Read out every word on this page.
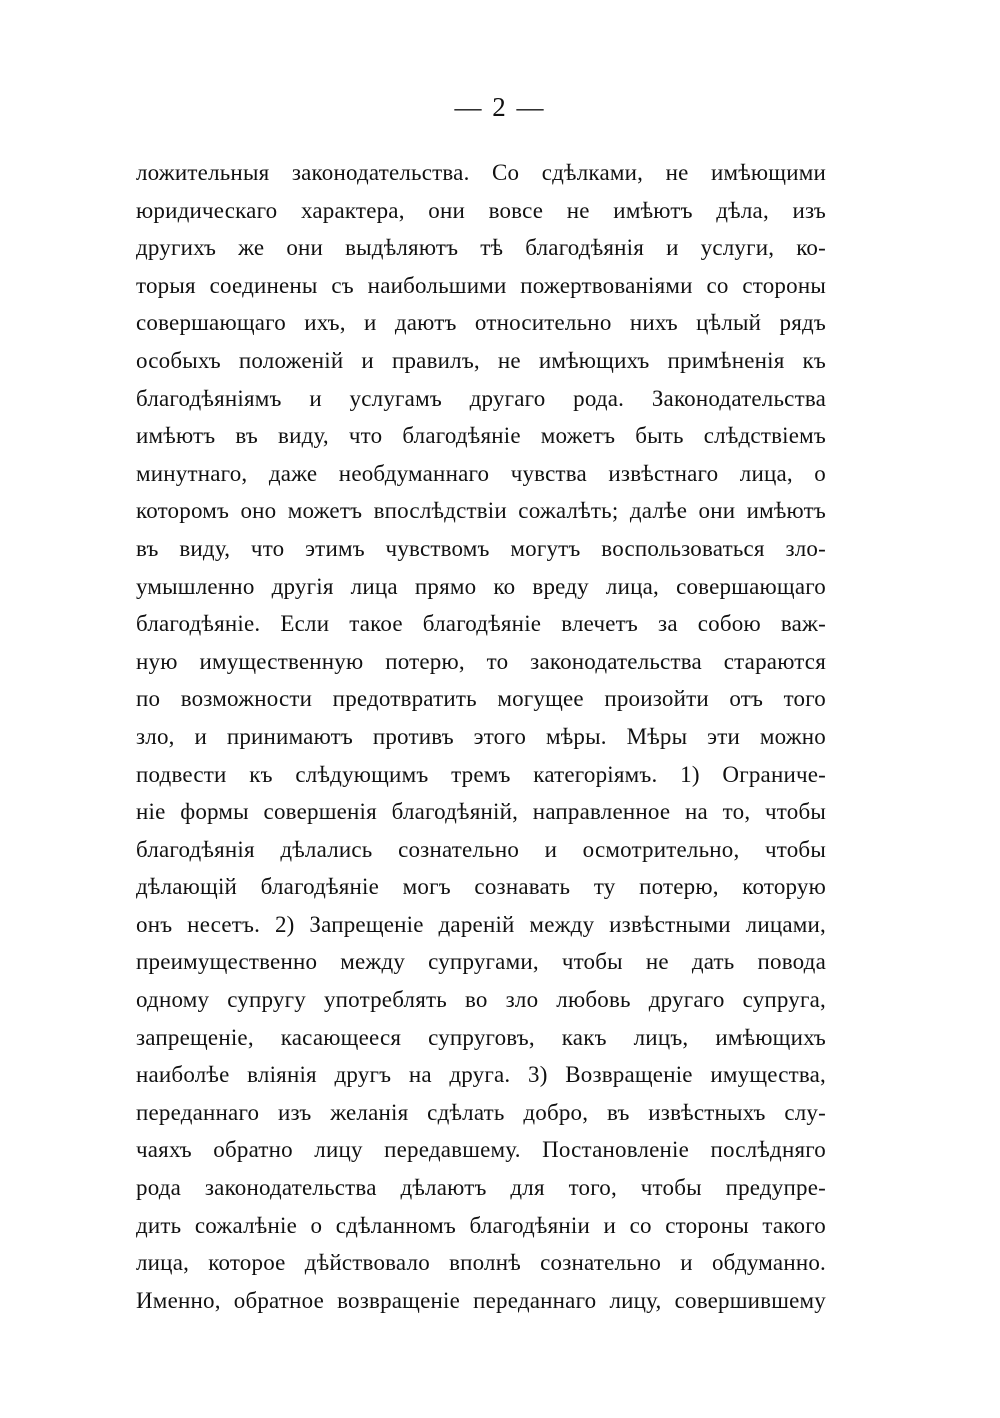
— 2 —
ложительныя законодательства. Со сдѣлками, не имѣющими
юридическаго характера, они вовсе не имѣютъ дѣла, изъ
другихъ же они выдѣляютъ тѣ благодѣянія и услуги, ко-
торыя соединены съ наибольшими пожертвованіями со стороны
совершающаго ихъ, и даютъ относительно нихъ цѣлый рядъ
особыхъ положеній и правилъ, не имѣющихъ примѣненія къ
благодѣяніямъ и услугамъ другаго рода. Законодательства
имѣютъ въ виду, что благодѣяніе можетъ быть слѣдствіемъ
минутнаго, даже необдуманнаго чувства извѣстнаго лица, о
которомъ оно можетъ впослѣдствіи сожалѣть; далѣе они имѣютъ
въ виду, что этимъ чувствомъ могутъ воспользоваться зло-
умышленно другія лица прямо ко вреду лица, совершающаго
благодѣяніе. Если такое благодѣяніе влечетъ за собою важ-
ную имущественную потерю, то законодательства стараются
по возможности предотвратить могущее произойти отъ того
зло, и принимаютъ противъ этого мѣры. Мѣры эти можно
подвести къ слѣдующимъ тремъ категоріямъ. 1) Ограниче-
ніе формы совершенія благодѣяній, направленное на то, чтобы
благодѣянія дѣлались сознательно и осмотрительно, чтобы
дѣлающій благодѣяніе могъ сознавать ту потерю, которую
онъ несетъ. 2) Запрещеніе дареній между извѣстными лицами,
преимущественно между супругами, чтобы не дать повода
одному супругу употреблять во зло любовь другаго супруга,
запрещеніе, касающееся супруговъ, какъ лицъ, имѣющихъ
наиболѣе вліянія другъ на друга. 3) Возвращеніе имущества,
переданнаго изъ желанія сдѣлать добро, въ извѣстныхъ слу-
чаяхъ обратно лицу передавшему. Постановленіе послѣдняго
рода законодательства дѣлаютъ для того, чтобы предупре-
дить сожалѣніе о сдѣланномъ благодѣяніи и со стороны такого
лица, которое дѣйствовало вполнѣ сознательно и обдуманно.
Именно, обратное возвращеніе переданнаго лицу, совершившему
